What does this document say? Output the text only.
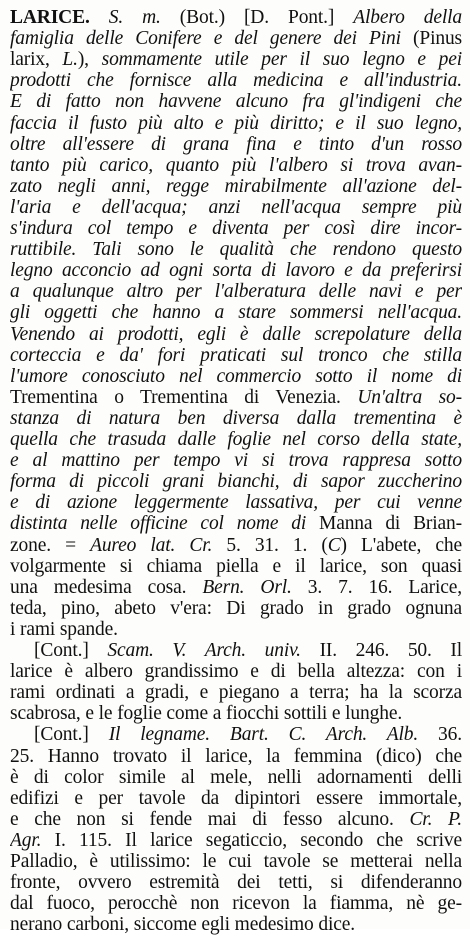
LARICE. S. m. (Bot.) [D. Pont.] Albero della
famiglia delle Conifere e del genere dei Pini (Pinus
larix, L.), sommamente utile per il suo legno e pei
prodotti che fornisce alla medicina e all'industria.
E di fatto non havvene alcuno fra gl'indigeni che
faccia il fusto più alto e più diritto; e il suo legno,
oltre all'essere di grana fina e tinto d'un rosso
tanto più carico, quanto più l'albero si trova avan-
zato negli anni, regge mirabilmente all'azione del-
l'aria e dell'acqua; anzi nell'acqua sempre più
s'indura col tempo e diventa per così dire incor-
ruttibile. Tali sono le qualità che rendono questo
legno acconcio ad ogni sorta di lavoro e da preferirsi
a qualunque altro per l'alberatura delle navi e per
gli oggetti che hanno a stare sommersi nell'acqua.
Venendo ai prodotti, egli è dalle screpolature della
corteccia e da' fori praticati sul tronco che stilla
l'umore conosciuto nel commercio sotto il nome di
Trementina o Trementina di Venezia. Un'altra so-
stanza di natura ben diversa dalla trementina è
quella che trasuda dalle foglie nel corso della state,
e al mattino per tempo vi si trova rappresa sotto
forma di piccoli grani bianchi, di sapor zuccherino
e di azione leggermente lassativa, per cui venne
distinta nelle officine col nome di Manna di Brian-
zone. = Aureo lat. Cr. 5. 31. 1. (C) L'abete, che
volgarmente si chiama piella e il larice, son quasi
una medesima cosa. Bern. Orl. 3. 7. 16. Larice,
teda, pino, abeto v'era: Di grado in grado ognuna
i rami spande.
[Cont.] Scam. V. Arch. univ. II. 246. 50. Il
larice è albero grandissimo e di bella altezza: con i
rami ordinati a gradi, e piegano a terra; ha la scorza
scabrosa, e le foglie come a fiocchi sottili e lunghe.
[Cont.] Il legname. Bart. C. Arch. Alb. 36.
25. Hanno trovato il larice, la femmina (dico) che
è di color simile al mele, nelli adornamenti delli
edifizi e per tavole da dipintori essere immortale,
e che non si fende mai di fesso alcuno. Cr. P.
Agr. I. 115. Il larice segaticcio, secondo che scrive
Palladio, è utilissimo: le cui tavole se metterai nella
fronte, ovvero estremità dei tetti, si difenderanno
dal fuoco, perocchè non ricevon la fiamma, nè ge-
nerano carboni, siccome egli medesimo dice.
